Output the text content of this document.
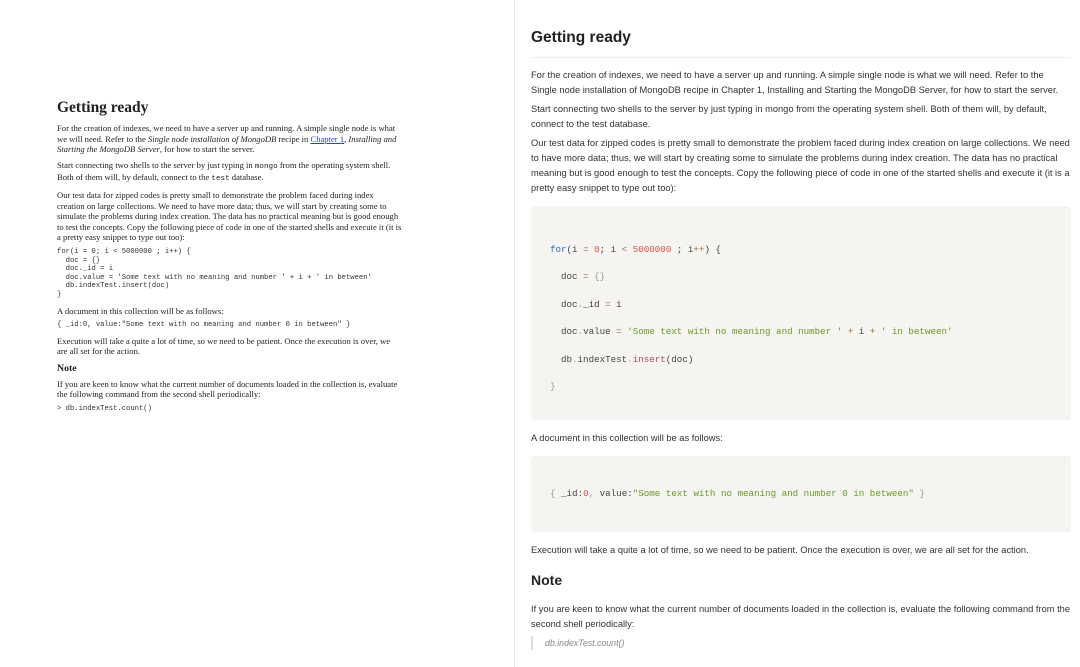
Getting ready

For the creation of indexes, we need to have a server up and running. A simple single node is what we will need. Refer to the Single node installation of MongoDB recipe in Chapter 1, Installing and Starting the MongoDB Server, for how to start the server.

Start connecting two shells to the server by just typing in mongo from the operating system shell. Both of them will, by default, connect to the test database.

Our test data for zipped codes is pretty small to demonstrate the problem faced during index creation on large collections. We need to have more data; thus, we will start by creating some to simulate the problems during index creation. The data has no practical meaning but is good enough to test the concepts. Copy the following piece of code in one of the started shells and execute it (it is a pretty easy snippet to type out too):

for(i = 0; i < 5000000 ; i++) {
doc = {}
doc._id = i
doc.value = 'Some text with no meaning and number ' + i + ' in between'
db.indexTest.insert(doc)
}

A document in this collection will be as follows:

{ _id:0, value:"Some text with no meaning and number 0 in between" }

Execution will take a quite a lot of time, so we need to be patient. Once the execution is over, we are all set for the action.

Note

If you are keen to know what the current number of documents loaded in the collection is, evaluate the following command from the second shell periodically:

> db.indexTest.count()
Getting ready

For the creation of indexes, we need to have a server up and running. A simple single node is what we will need. Refer to the Single node installation of MongoDB recipe in Chapter 1, Installing and Starting the MongoDB Server, for how to start the server.

Start connecting two shells to the server by just typing in mongo from the operating system shell. Both of them will, by default, connect to the test database.

Our test data for zipped codes is pretty small to demonstrate the problem faced during index creation on large collections. We need to have more data; thus, we will start by creating some to simulate the problems during index creation. The data has no practical meaning but is good enough to test the concepts. Copy the following piece of code in one of the started shells and execute it (it is a pretty easy snippet to type out too):

for(i = 0; i < 5000000 ; i++) {
doc = {}
doc._id = i
doc.value = 'Some text with no meaning and number ' + i + ' in between'
db.indexTest.insert(doc)
}

A document in this collection will be as follows:

{ _id:0, value:"Some text with no meaning and number 0 in between" }

Execution will take a quite a lot of time, so we need to be patient. Once the execution is over, we are all set for the action.

Note

If you are keen to know what the current number of documents loaded in the collection is, evaluate the following command from the second shell periodically:

db.indexTest.count()
